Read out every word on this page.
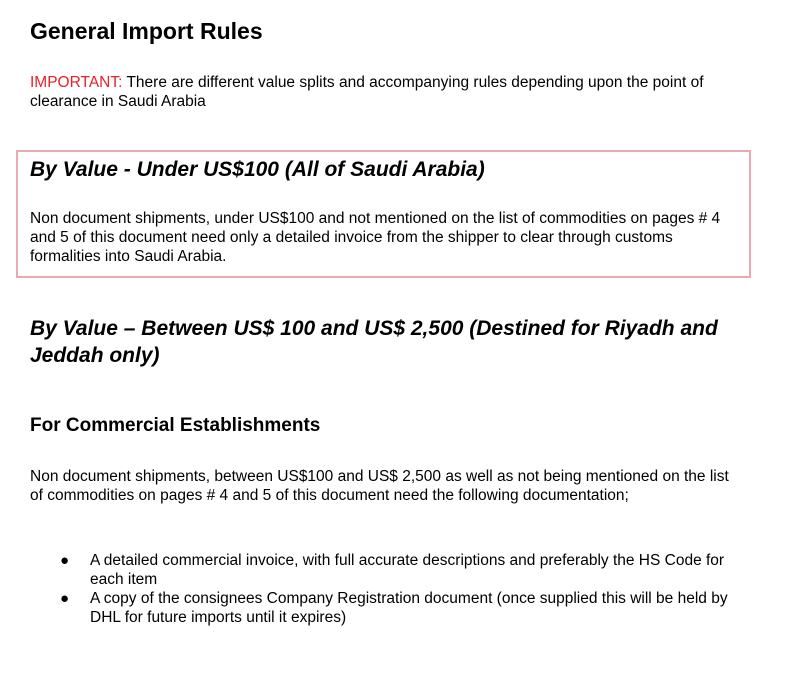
General Import Rules

IMPORTANT: There are different value splits and accompanying rules depending upon the point of clearance in Saudi Arabia

By Value - Under US$100 (All of Saudi Arabia)

Non document shipments, under US$100 and not mentioned on the list of commodities on pages # 4 and 5 of this document need only a detailed invoice from the shipper to clear through customs formalities into Saudi Arabia.

By Value – Between US$ 100 and US$ 2,500 (Destined for Riyadh and Jeddah only)
For Commercial Establishments

Non document shipments, between US$100 and US$ 2,500 as well as not being mentioned on the list of commodities on pages # 4 and 5 of this document need the following documentation;

●	A detailed commercial invoice, with full accurate descriptions and preferably the HS Code for each item
●	A copy of the consignees Company Registration document (once supplied this will be held by DHL for future imports until it expires)
